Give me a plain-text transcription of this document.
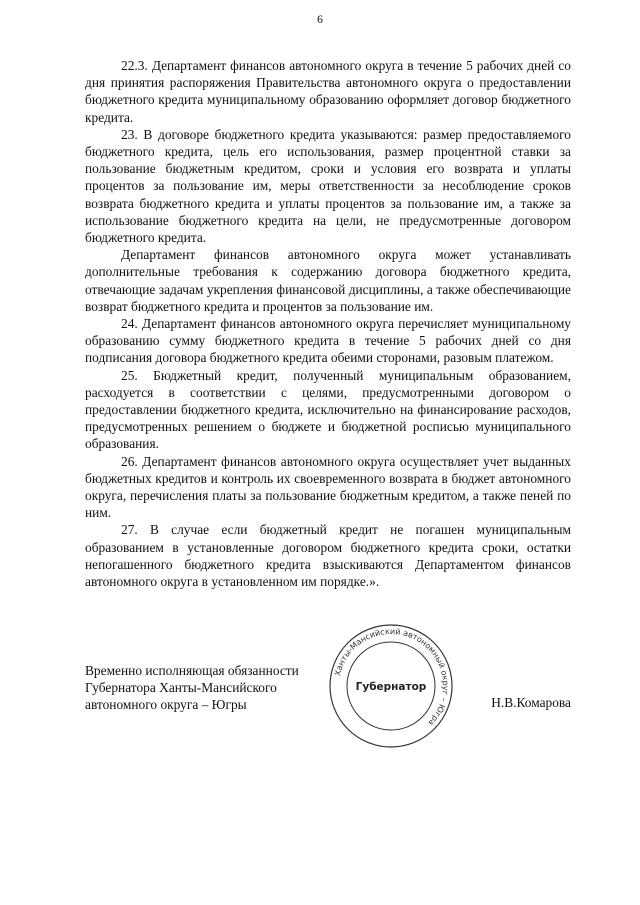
6

22.3. Департамент финансов автономного округа в течение 5 рабочих дней со дня принятия распоряжения Правительства автономного округа о предоставлении бюджетного кредита муниципальному образованию оформляет договор бюджетного кредита.

23. В договоре бюджетного кредита указываются: размер предоставляемого бюджетного кредита, цель его использования, размер процентной ставки за пользование бюджетным кредитом, сроки и условия его возврата и уплаты процентов за пользование им, меры ответственности за несоблюдение сроков возврата бюджетного кредита и уплаты процентов за пользование им, а также за использование бюджетного кредита на цели, не предусмотренные договором бюджетного кредита.

Департамент финансов автономного округа может устанавливать дополнительные требования к содержанию договора бюджетного кредита, отвечающие задачам укрепления финансовой дисциплины, а также обеспечивающие возврат бюджетного кредита и процентов за пользование им.

24. Департамент финансов автономного округа перечисляет муниципальному образованию сумму бюджетного кредита в течение 5 рабочих дней со дня подписания договора бюджетного кредита обеими сторонами, разовым платежом.

25. Бюджетный кредит, полученный муниципальным образованием, расходуется в соответствии с целями, предусмотренными договором о предоставлении бюджетного кредита, исключительно на финансирование расходов, предусмотренных решением о бюджете и бюджетной росписью муниципального образования.

26. Департамент финансов автономного округа осуществляет учет выданных бюджетных кредитов и контроль их своевременного возврата в бюджет автономного округа, перечисления платы за пользование бюджетным кредитом, а также пеней по ним.

27. В случае если бюджетный кредит не погашен муниципальным образованием в установленные договором бюджетного кредита сроки, остатки непогашенного бюджетного кредита взыскиваются Департаментом финансов автономного округа в установленном им порядке.».

Временно исполняющая обязанности
Губернатора Ханты-Мансийского
автономного округа – Югры
Ханты-Мансийский автономный округ – Югра
Губернатор
Н.В.Комарова
